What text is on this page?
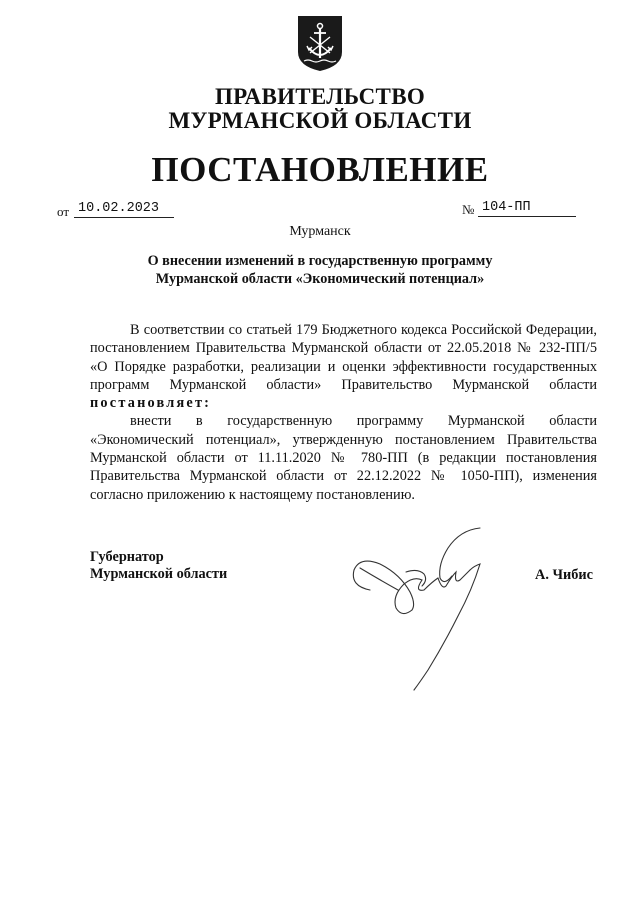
ПРАВИТЕЛЬСТВО
МУРМАНСКОЙ ОБЛАСТИ
ПОСТАНОВЛЕНИЕ
от 10.02.2023	№ 104-ПП
Мурманск
О внесении изменений в государственную программу
Мурманской области «Экономический потенциал»

В соответствии со статьей 179 Бюджетного кодекса Российской Федерации, постановлением Правительства Мурманской области от 22.05.2018 № 232-ПП/5 «О Порядке разработки, реализации и оценки эффективности государственных программ Мурманской области» Правительство Мурманской области постановляет:

внести в государственную программу Мурманской области «Экономический потенциал», утвержденную постановлением Правительства Мурманской области от 11.11.2020 № 780-ПП (в редакции постановления Правительства Мурманской области от 22.12.2022 № 1050-ПП), изменения согласно приложению к настоящему постановлению.

Губернатор
Мурманской области	А. Чибис
